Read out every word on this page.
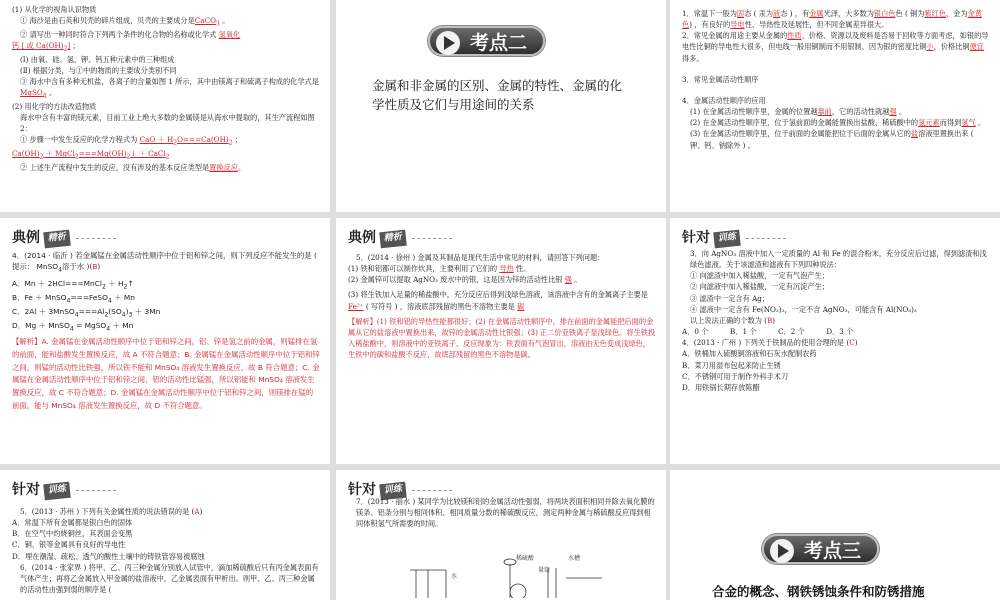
(1) 从化学的视角认识物质

① 海沙是由石英和贝壳的碎片组成，贝壳的主要成分是CaCO$_3$ 。

② 请写出一种同时符合下列两个条件的化合物的名称或化学式 氢氧化

钙 [ 或 $Ca(OH)_2$] ；

(Ⅰ) 由氧、硅、氢、钾、钙五种元素中的三种组成

(Ⅱ) 根据分类，与①中的物质的主要成分类别不同

③ 海水中含有多种无机盐，各离子的含量如图 1 所示，其中由镁离子和硫离子构成的化学式是 MgSO$_4$ 。

(2) 用化学的方法改造物质

海水中含有丰富的镁元素，目前工业上绝大多数的金属镁是从海水中提取的，其生产流程如图 2：

① 步骤一中发生反应的化学方程式为 CaO ＋ $H_2O===Ca(OH)_2$ ；

$Ca(OH)_2$ ＋ $MgCl_2===Mg(OH)_2↓$ ＋ CaCl$_2$

② 上述生产流程中发生的反应，没有涉及的基本反应类型是置换反应。

考点二
金属和非金属的区别、金属的特性、金属的化学性质及它们与用途间的关系

1．常温下一般为固态 ( 汞为液态 ) ，有金属光泽，大多数为银白色色 ( 铜为紫红色，金为金黄色) ，有良好的导电性、导热性及延展性，但不同金属差异很大。

2．常见金属的用途主要从金属的性质、价格、资源以及废料是否易于回收等方面考虑，如银的导电性比铜的导电性大很多，但电线一般用铜制而不用银制，因为银的密度比铜小，价格比铜便宜得多。

3．常见金属活动性顺序

4．金属活动性顺序的应用

(1) 在金属活动性顺序里，金属的位置越靠前，它的活动性就越强 。

(2) 在金属活动性顺序里，位于氢前面的金属能置换出盐酸、稀硫酸中的氢元素而得到氢气 。

(3) 在金属活动性顺序里，位于前面的金属能把位于后面的金属从它的盐溶液里置换出来 ( 钾、钙、钠除外 ) 。

典例 精析

4．(2014 · 临沂 ) 若金属锰在金属活动性顺序中位于铝和锌之间，则下列反应不能发生的是 ( 提示： MnSO$_4$溶于水 )(B)

A．Mn ＋ 2HCl===MnCl$_2$ ＋ $H_2↑$

B．Fe ＋ MnSO$_4$===FeSO$_4$ ＋ Mn

C．$2Al + 3MnSO_4===Al_2(SO_4)_3 + 3Mn$

D．Mg ＋ MnSO$_4$ = MgSO$_4$ ＋ Mn

【解析】A. 金属锰在金属活动性顺序中位于铝和锌之间，铝、锌是氢之前的金属，则锰排在氢的前面，能和盐酸发生置换反应，故 A 不符合题意；B. 金属锰在金属活动性顺序中位于铝和锌之间，则锰的活动性比铁强，所以铁不能和 MnSO₄ 溶液发生置换反应，故 B 符合题意；C. 金属锰在金属活动性顺序中位于铝和锌之间，铝的活动性比锰强，所以铝能和 MnSO₄ 溶液发生置换反应，故 C 不符合题意；D. 金属锰在金属活动性顺序中位于铝和锌之间，则镁排在锰的前面，能与 MnSO₄ 溶液发生置换反应，故 D 不符合题意。

典例 精析

5．(2014 · 徐州 ) 金属及其制品是现代生活中常见的材料，请回答下列问题：

(1) 铁和铝都可以制作炊具，主要利用了它们的 导热 性。

(2) 金属锌可以提取 AgNO₃ 废水中的银，这是因为锌的活动性比银 强 。

(3) 将生铁加入足量的稀盐酸中，充分反应后得到浅绿色溶液，该溶液中含有的金属离子主要是 Fe²⁺ ( 写符号 ) ，溶液底部残留的黑色不溶物主要是 碳

【解析】(1) 铁和铝的导热性能都很好；(2) 在金属活动性顺序中，排在前面的金属能把后面的金属从它的盐溶液中置换出来，故锌的金属活动性比银强；(3) 正二价亚铁离子显浅绿色。将生铁投入稀盐酸中，则溶液中的亚铁离子，反应现象为：铁表面有气泡冒出，溶液由无色变成浅绿色，生铁中的碳和盐酸不反应，故底部残留的黑色不溶物是碳。

针对 训练

3．向 AgNO₃ 溶液中加入一定质量的 Al 和 Fe 的混合粉末，充分反应后过滤，得到滤渣和浅绿色滤液。关于该滤渣和滤液有下列四种说法：

① 向滤渣中加入稀盐酸，一定有气泡产生；

② 向滤液中加入稀盐酸，一定有沉淀产生；

③ 滤渣中一定含有 Ag；

④ 滤液中一定含有 Fe(NO₃)₂，一定不含 AgNO₃，可能含有 Al(NO₃)₃

以上说法正确的个数为 (B)

A．0 个　　　B．1 个　　　C．2 个　　　D．3 个

4．(2013 · 广州 ) 下列关于铁制品的使用合理的是 (C)

A．铁桶加入硫酸铜溶液和石灰水配制农药

B．菜刀用湿布包起来防止生锈

C．不锈钢可用于制作外科手术刀

D．用铁锅长期存放陈醋

针对 训练

5．(2013 · 苏州 ) 下列有关金属性质的说法错误的是 (A)

A．常温下所有金属都是银白色的固体

B．在空气中灼烧铜丝，其表面会变黑

C．铜、银等金属具有良好的导电性

D．埋在潮湿、疏松、透气的酸性土壤中的铸铁管容易被腐蚀

6．(2014 · 张家界 ) 将甲、乙、丙三种金属分别放入试管中，滴加稀硫酸后只有丙金属表面有气体产生；再将乙金属放入甲金属的盐溶液中，乙金属表面有甲析出。则甲、乙、丙三种金属的活动性由强到弱的顺序是 (

针对 训练

7．(2013 · 丽水 ) 某同学为比较镁和铝的金属活动性强弱，将两块表面积相同并除去氧化膜的镁条、铝条分别与相同体积、相同质量分数的稀硫酸反应，测定两种金属与稀硫酸反应得到相同体积氢气所需要的时间。

水
稀硫酸
量筒
水槽	考点三
合金的概念、钢铁锈蚀条件和防锈措施
